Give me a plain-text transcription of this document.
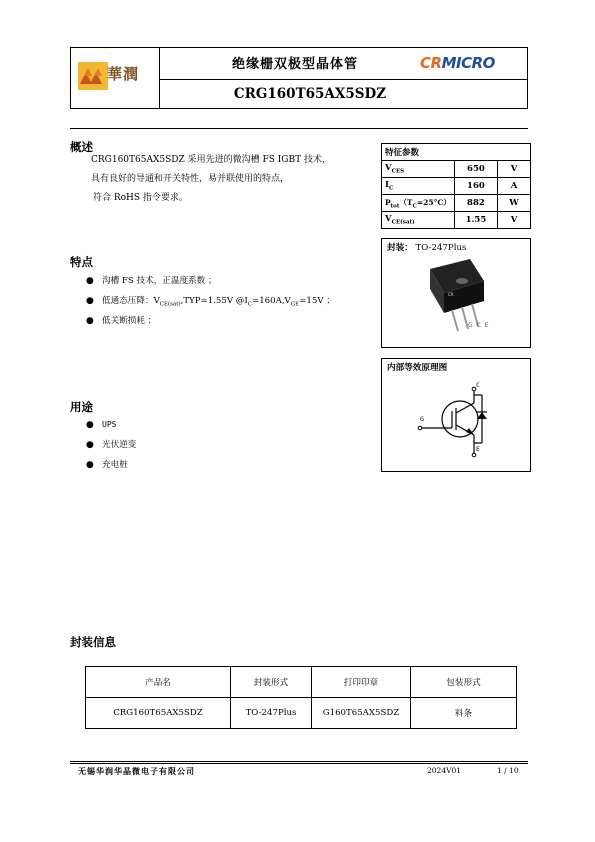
華潤
绝缘栅双极型晶体管	CRMICRO
CRG160T65AX5SDZ
概述
CRG160T65AX5SDZ 采用先进的微沟槽 FS IGBT 技术，
具有良好的导通和开关特性，易并联使用的特点，
符合 RoHS 指令要求。
特点
● 沟槽 FS 技术，正温度系数 ；
● 低通态压降：$V_{CE(sat)},TYP=1.55V$ $@I_C=160A,V_{GE}=15V$ ；
● 低关断损耗 ；
用途
● UPS
● 光伏逆变
● 充电桩
特征参数		
$V_{CES}$	650	V
$I_C$	160	A
$P_{tot}(T_C=25^\circ C)$	882	W
$V_{CE(sat)}$	1.55	V
封装： TO-247Plus
CR
G C E
内部等效原理图
C
G
E
封装信息
产品名	封装形式	打印印章	包装形式
CRG160T65AX5SDZ	TO-247Plus	G160T65AX5SDZ	料条
无锡华润华晶微电子有限公司	2024V01	1 / 10
